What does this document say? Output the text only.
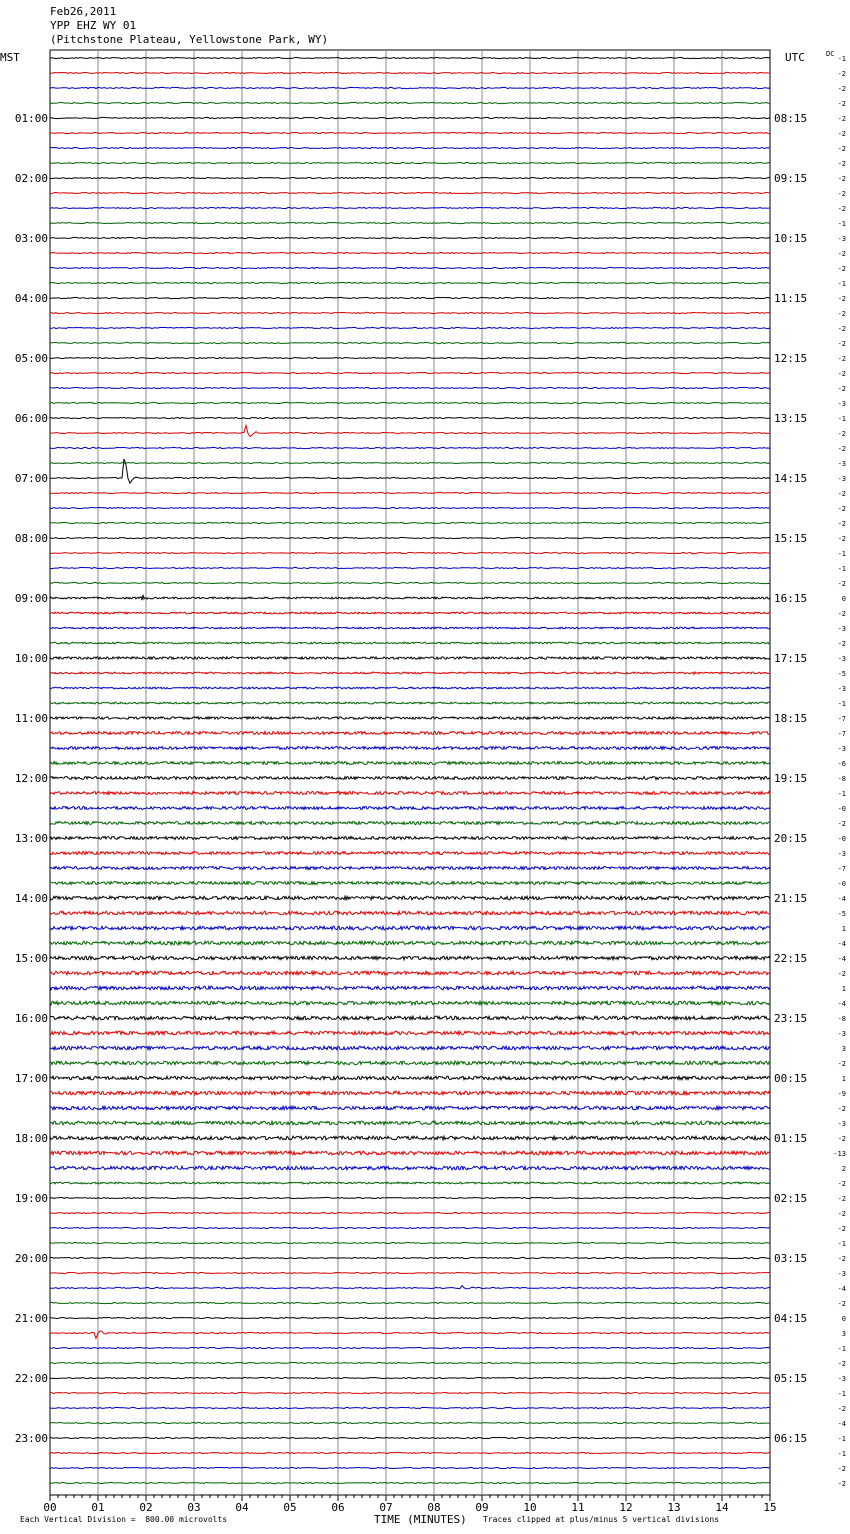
Feb26,2011
YPP EHZ WY 01
(Pitchstone Plateau, Yellowstone Park, WY)
MST	UTC	DC
-1
-2
-2
-2
-2
-2
-2
-2
-2
-2
-2
-1
-3
-2
-2
-1
-2
-2
-2
-2
-2
-2
-2
-3
-1
-2
-2
-3
-3
-2
-2
-2
-2
-1
-1
-2
0
-2
-3
-2
-3
-5
-3
-1
-7
-7
-3
-6
-8
-1
-0
-2
-0
-3
-7
-0
-4
-5
1
-4
-4
-2
1
-4
-8
-3
3
-2
1
-9
-2
-3
-2
-13
2
-2
-2
-2
-2
-1
-2
-3
-4
-2
0
3
-1
-2
-3
-1
-2
-4
-1
-1
-2
-2
01:00
02:00
03:00
04:00
05:00
06:00
07:00
08:00
09:00
10:00
11:00
12:00
13:00
14:00
15:00
16:00
17:00
18:00
19:00
20:00
21:00
22:00
23:00
08:15
09:15
10:15
11:15
12:15
13:15
14:15
15:15
16:15
17:15
18:15
19:15
20:15
21:15
22:15
23:15
00:15
01:15
02:15
03:15
04:15
05:15
06:15
00	01	02	03	04	05	06	07	08	09	10	11	12	13	14	15
Each Vertical Division =  800.00 microvolts	TIME (MINUTES) Traces clipped at plus/minus 5 vertical divisions
